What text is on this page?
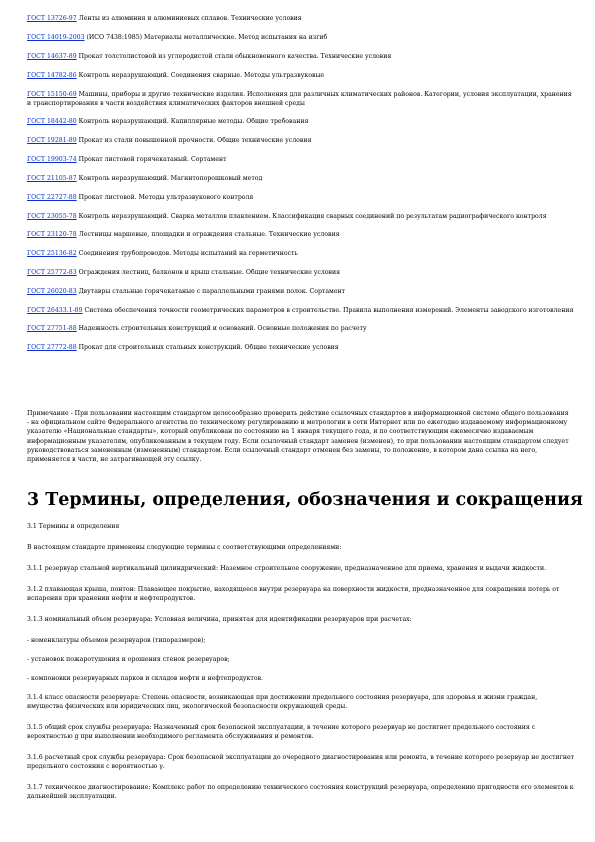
ГОСТ 13726-97 Ленты из алюминия и алюминиевых сплавов. Технические условия

ГОСТ 14019-2003 (ИСО 7438:1985) Материалы металлические. Метод испытания на изгиб

ГОСТ 14637-89 Прокат толстолистовой из углеродистой стали обыкновенного качества. Технические условия

ГОСТ 14782-86 Контроль неразрушающий. Соединения сварные. Методы ультразвуковые

ГОСТ 15150-69 Машины, приборы и другие технические изделия. Исполнения для различных климатических районов. Категории, условия эксплуатации, хранения и транспортирования в части воздействия климатических факторов внешней среды

ГОСТ 18442-80 Контроль неразрушающий. Капиллярные методы. Общие требования

ГОСТ 19281-89 Прокат из стали повышенной прочности. Общие технические условия

ГОСТ 19903-74 Прокат листовой горячекатаный. Сортамент

ГОСТ 21105-87 Контроль неразрушающий. Магнитопорошковый метод

ГОСТ 22727-88 Прокат листовой. Методы ультразвукового контроля

ГОСТ 23055-78 Контроль неразрушающий. Сварка металлов плавлением. Классификация сварных соединений по результатам радиографического контроля

ГОСТ 23120-78 Лестницы маршевые, площадки и ограждения стальные. Технические условия

ГОСТ 25136-82 Соединения трубопроводов. Методы испытаний на герметичность

ГОСТ 25772-83 Ограждения лестниц, балконов и крыш стальные. Общие технические условия

ГОСТ 26020-83 Двутавры стальные горячекатаные с параллельными гранями полок. Сортамент

ГОСТ 26433.1-89 Система обеспечения точности геометрических параметров в строительстве. Правила выполнения измерений. Элементы заводского изготовления

ГОСТ 27751-88 Надежность строительных конструкций и оснований. Основные положения по расчету

ГОСТ 27772-88 Прокат для строительных стальных конструкций. Общие технические условия

Примечание - При пользовании настоящим стандартом целесообразно проверить действие ссылочных стандартов в информационной системе общего пользования - на официальном сайте Федерального агентства по техническому регулированию и метрологии в сети Интернет или по ежегодно издаваемому информационному указателю «Национальные стандарты», который опубликован по состоянию на 1 января текущего года, и по соответствующим ежемесячно издаваемым информационным указателям, опубликованным в текущем году. Если ссылочный стандарт заменен (изменен), то при пользовании настоящим стандартом следует руководствоваться замененным (измененным) стандартом. Если ссылочный стандарт отменен без замены, то положение, в котором дана ссылка на него, применяется в части, не затрагивающей эту ссылку.

3 Термины, определения, обозначения и сокращения

3.1 Термины и определения

В настоящем стандарте применены следующие термины с соответствующими определениями:

3.1.1 резервуар стальной вертикальный цилиндрический: Наземное строительное сооружение, предназначенное для приема, хранения и выдачи жидкости.

3.1.2 плавающая крыша, понтон: Плавающее покрытие, находящееся внутри резервуара на поверхности жидкости, предназначенное для сокращения потерь от испарения при хранении нефти и нефтепродуктов.

3.1.3 номинальный объем резервуара: Условная величина, принятая для идентификации резервуаров при расчетах:

- номенклатуры объемов резервуаров (типоразмеров);

- установок пожаротушения и орошения стенок резервуаров;

- компоновки резервуарных парков и складов нефти и нефтепродуктов.

3.1.4 класс опасности резервуара: Степень опасности, возникающая при достижении предельного состояния резервуара, для здоровья и жизни граждан, имущества физических или юридических лиц, экологической безопасности окружающей среды.

3.1.5 общий срок службы резервуара: Назначенный срок безопасной эксплуатации, в течение которого резервуар не достигнет предельного состояния с вероятностью g при выполнении необходимого регламента обслуживания и ремонтов.

3.1.6 расчетный срок службы резервуара: Срок безопасной эксплуатации до очередного диагностирования или ремонта, в течение которого резервуар не достигнет предельного состояния с вероятностью γ.

3.1.7 техническое диагностирование: Комплекс работ по определению технического состояния конструкций резервуара, определению пригодности его элементов к дальнейшей эксплуатации.
